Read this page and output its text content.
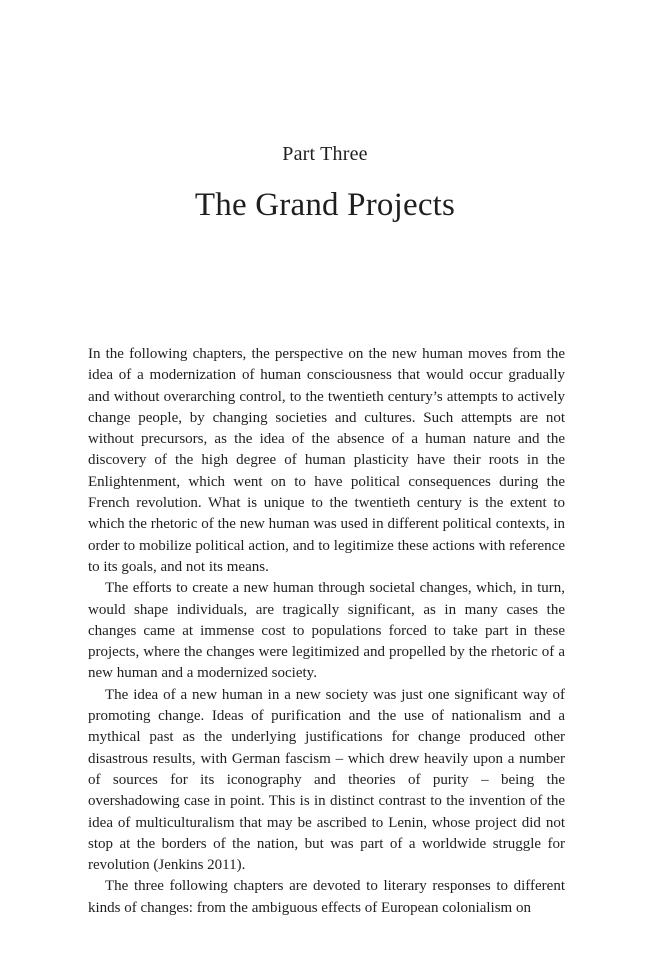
Part Three
The Grand Projects

In the following chapters, the perspective on the new human moves from the idea of a modernization of human consciousness that would occur gradually and without overarching control, to the twentieth century’s attempts to actively change people, by changing societies and cultures. Such attempts are not without precursors, as the idea of the absence of a human nature and the discovery of the high degree of human plasticity have their roots in the Enlightenment, which went on to have political consequences during the French revolution. What is unique to the twentieth century is the extent to which the rhetoric of the new human was used in different political contexts, in order to mobilize political action, and to legitimize these actions with reference to its goals, and not its means.

The efforts to create a new human through societal changes, which, in turn, would shape individuals, are tragically significant, as in many cases the changes came at immense cost to populations forced to take part in these projects, where the changes were legitimized and propelled by the rhetoric of a new human and a modernized society.

The idea of a new human in a new society was just one significant way of promoting change. Ideas of purification and the use of nationalism and a mythical past as the underlying justifications for change produced other disastrous results, with German fascism – which drew heavily upon a number of sources for its iconography and theories of purity – being the overshadowing case in point. This is in distinct contrast to the invention of the idea of multiculturalism that may be ascribed to Lenin, whose project did not stop at the borders of the nation, but was part of a worldwide struggle for revolution (Jenkins 2011).

The three following chapters are devoted to literary responses to different kinds of changes: from the ambiguous effects of European colonialism on
